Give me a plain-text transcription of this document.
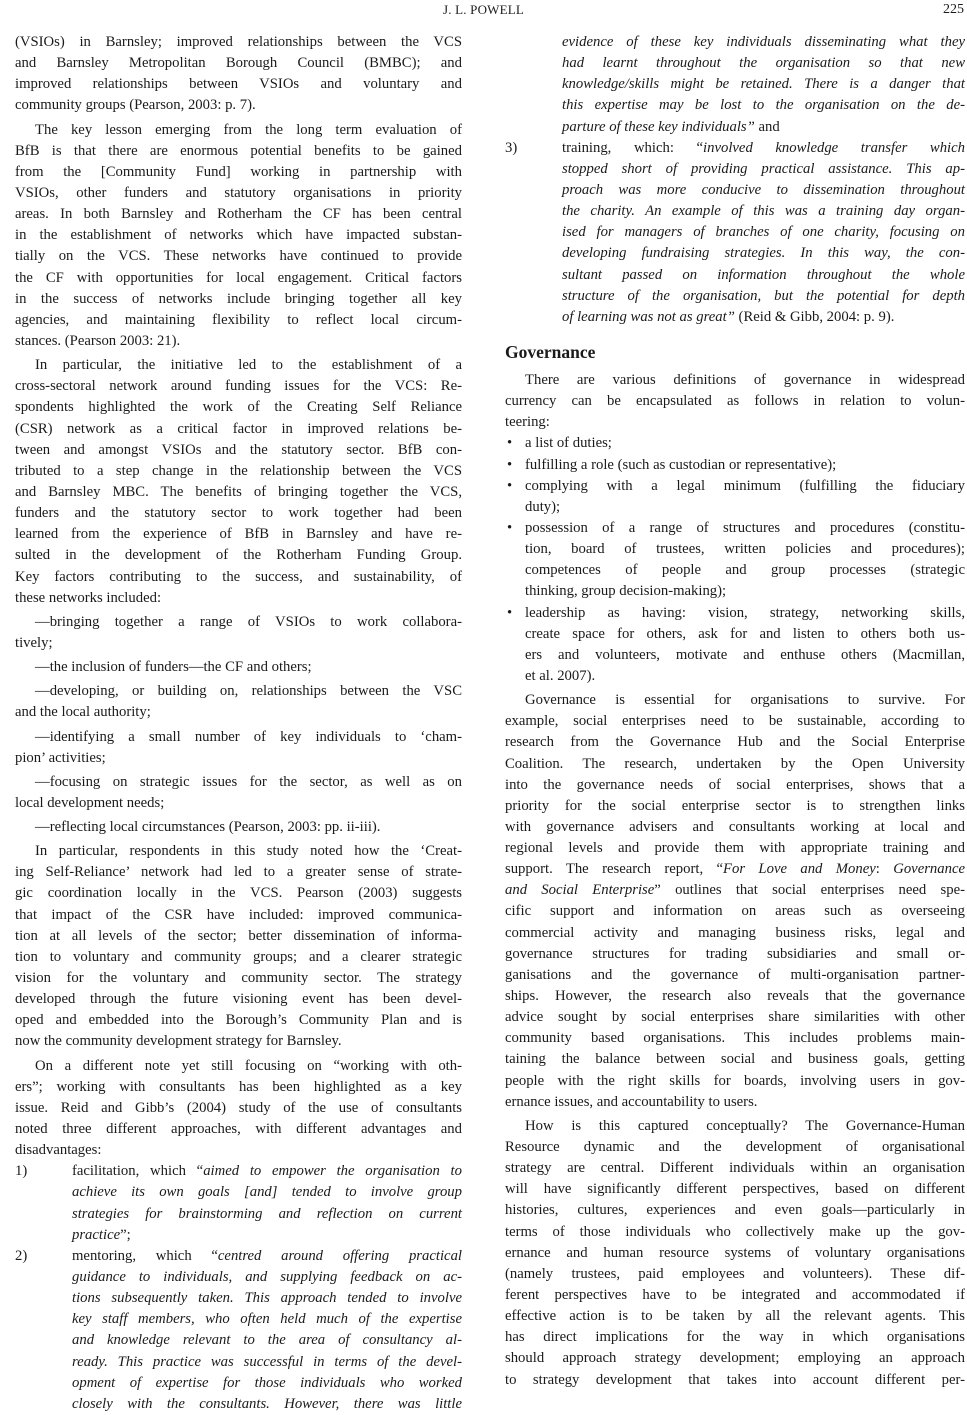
J. L. POWELL	225
(VSIOs) in Barnsley; improved relationships between the VCS
and Barnsley Metropolitan Borough Council (BMBC); and
improved relationships between VSIOs and voluntary and
community groups (Pearson, 2003: p. 7).
The key lesson emerging from the long term evaluation of
BfB is that there are enormous potential benefits to be gained
from the [Community Fund] working in partnership with
VSIOs, other funders and statutory organisations in priority
areas. In both Barnsley and Rotherham the CF has been central
in the establishment of networks which have impacted substan-
tially on the VCS. These networks have continued to provide
the CF with opportunities for local engagement. Critical factors
in the success of networks include bringing together all key
agencies, and maintaining flexibility to reflect local circum-
stances. (Pearson 2003: 21).
In particular, the initiative led to the establishment of a
cross-sectoral network around funding issues for the VCS: Re-
spondents highlighted the work of the Creating Self Reliance
(CSR) network as a critical factor in improved relations be-
tween and amongst VSIOs and the statutory sector. BfB con-
tributed to a step change in the relationship between the VCS
and Barnsley MBC. The benefits of bringing together the VCS,
funders and the statutory sector to work together had been
learned from the experience of BfB in Barnsley and have re-
sulted in the development of the Rotherham Funding Group.
Key factors contributing to the success, and sustainability, of
these networks included:
—bringing together a range of VSIOs to work collabora-
tively;
—the inclusion of funders—the CF and others;
—developing, or building on, relationships between the VSC
and the local authority;
—identifying a small number of key individuals to ‘cham-
pion’ activities;
—focusing on strategic issues for the sector, as well as on
local development needs;
—reflecting local circumstances (Pearson, 2003: pp. ii-iii).
In particular, respondents in this study noted how the ‘Creat-
ing Self-Reliance’ network had led to a greater sense of strate-
gic coordination locally in the VCS. Pearson (2003) suggests
that impact of the CSR have included: improved communica-
tion at all levels of the sector; better dissemination of informa-
tion to voluntary and community groups; and a clearer strategic
vision for the voluntary and community sector. The strategy
developed through the future visioning event has been devel-
oped and embedded into the Borough’s Community Plan and is
now the community development strategy for Barnsley.
On a different note yet still focusing on “working with oth-
ers”; working with consultants has been highlighted as a key
issue. Reid and Gibb’s (2004) study of the use of consultants
noted three different approaches, with different advantages and
disadvantages:
1)	facilitation, which “aimed to empower the organisation to
achieve its own goals [and] tended to involve group
strategies for brainstorming and reflection on current
practice”;
2)	mentoring, which “centred around offering practical
guidance to individuals, and supplying feedback on ac-
tions subsequently taken. This approach tended to involve
key staff members, who often held much of the expertise
and knowledge relevant to the area of consultancy al-
ready. This practice was successful in terms of the devel-
opment of expertise for those individuals who worked
closely with the consultants. However, there was little
evidence of these key individuals disseminating what they
had learnt throughout the organisation so that new
knowledge/skills might be retained. There is a danger that
this expertise may be lost to the organisation on the de-
parture of these key individuals” and
3)	training, which: “involved knowledge transfer which
stopped short of providing practical assistance. This ap-
proach was more conducive to dissemination throughout
the charity. An example of this was a training day organ-
ised for managers of branches of one charity, focusing on
developing fundraising strategies. In this way, the con-
sultant passed on information throughout the whole
structure of the organisation, but the potential for depth
of learning was not as great” (Reid & Gibb, 2004: p. 9).
Governance
There are various definitions of governance in widespread
currency can be encapsulated as follows in relation to volun-
teering:
• a list of duties;
• fulfilling a role (such as custodian or representative);
• complying with a legal minimum (fulfilling the fiduciary
duty);
• possession of a range of structures and procedures (constitu-
tion, board of trustees, written policies and procedures);
competences of people and group processes (strategic
thinking, group decision-making);
• leadership as having: vision, strategy, networking skills,
create space for others, ask for and listen to others both us-
ers and volunteers, motivate and enthuse others (Macmillan,
et al. 2007).
Governance is essential for organisations to survive. For
example, social enterprises need to be sustainable, according to
research from the Governance Hub and the Social Enterprise
Coalition. The research, undertaken by the Open University
into the governance needs of social enterprises, shows that a
priority for the social enterprise sector is to strengthen links
with governance advisers and consultants working at local and
regional levels and provide them with appropriate training and
support. The research report, “For Love and Money: Governance
and Social Enterprise” outlines that social enterprises need spe-
cific support and information on areas such as overseeing
commercial activity and managing business risks, legal and
governance structures for trading subsidiaries and small or-
ganisations and the governance of multi-organisation partner-
ships. However, the research also reveals that the governance
advice sought by social enterprises share similarities with other
community based organisations. This includes problems main-
taining the balance between social and business goals, getting
people with the right skills for boards, involving users in gov-
ernance issues, and accountability to users.
How is this captured conceptually? The Governance-Human
Resource dynamic and the development of organisational
strategy are central. Different individuals within an organisation
will have significantly different perspectives, based on different
histories, cultures, experiences and even goals—particularly in
terms of those individuals who collectively make up the gov-
ernance and human resource systems of voluntary organisations
(namely trustees, paid employees and volunteers). These dif-
ferent perspectives have to be integrated and accommodated if
effective action is to be taken by all the relevant agents. This
has direct implications for the way in which organisations
should approach strategy development; employing an approach
to strategy development that takes into account different per-
